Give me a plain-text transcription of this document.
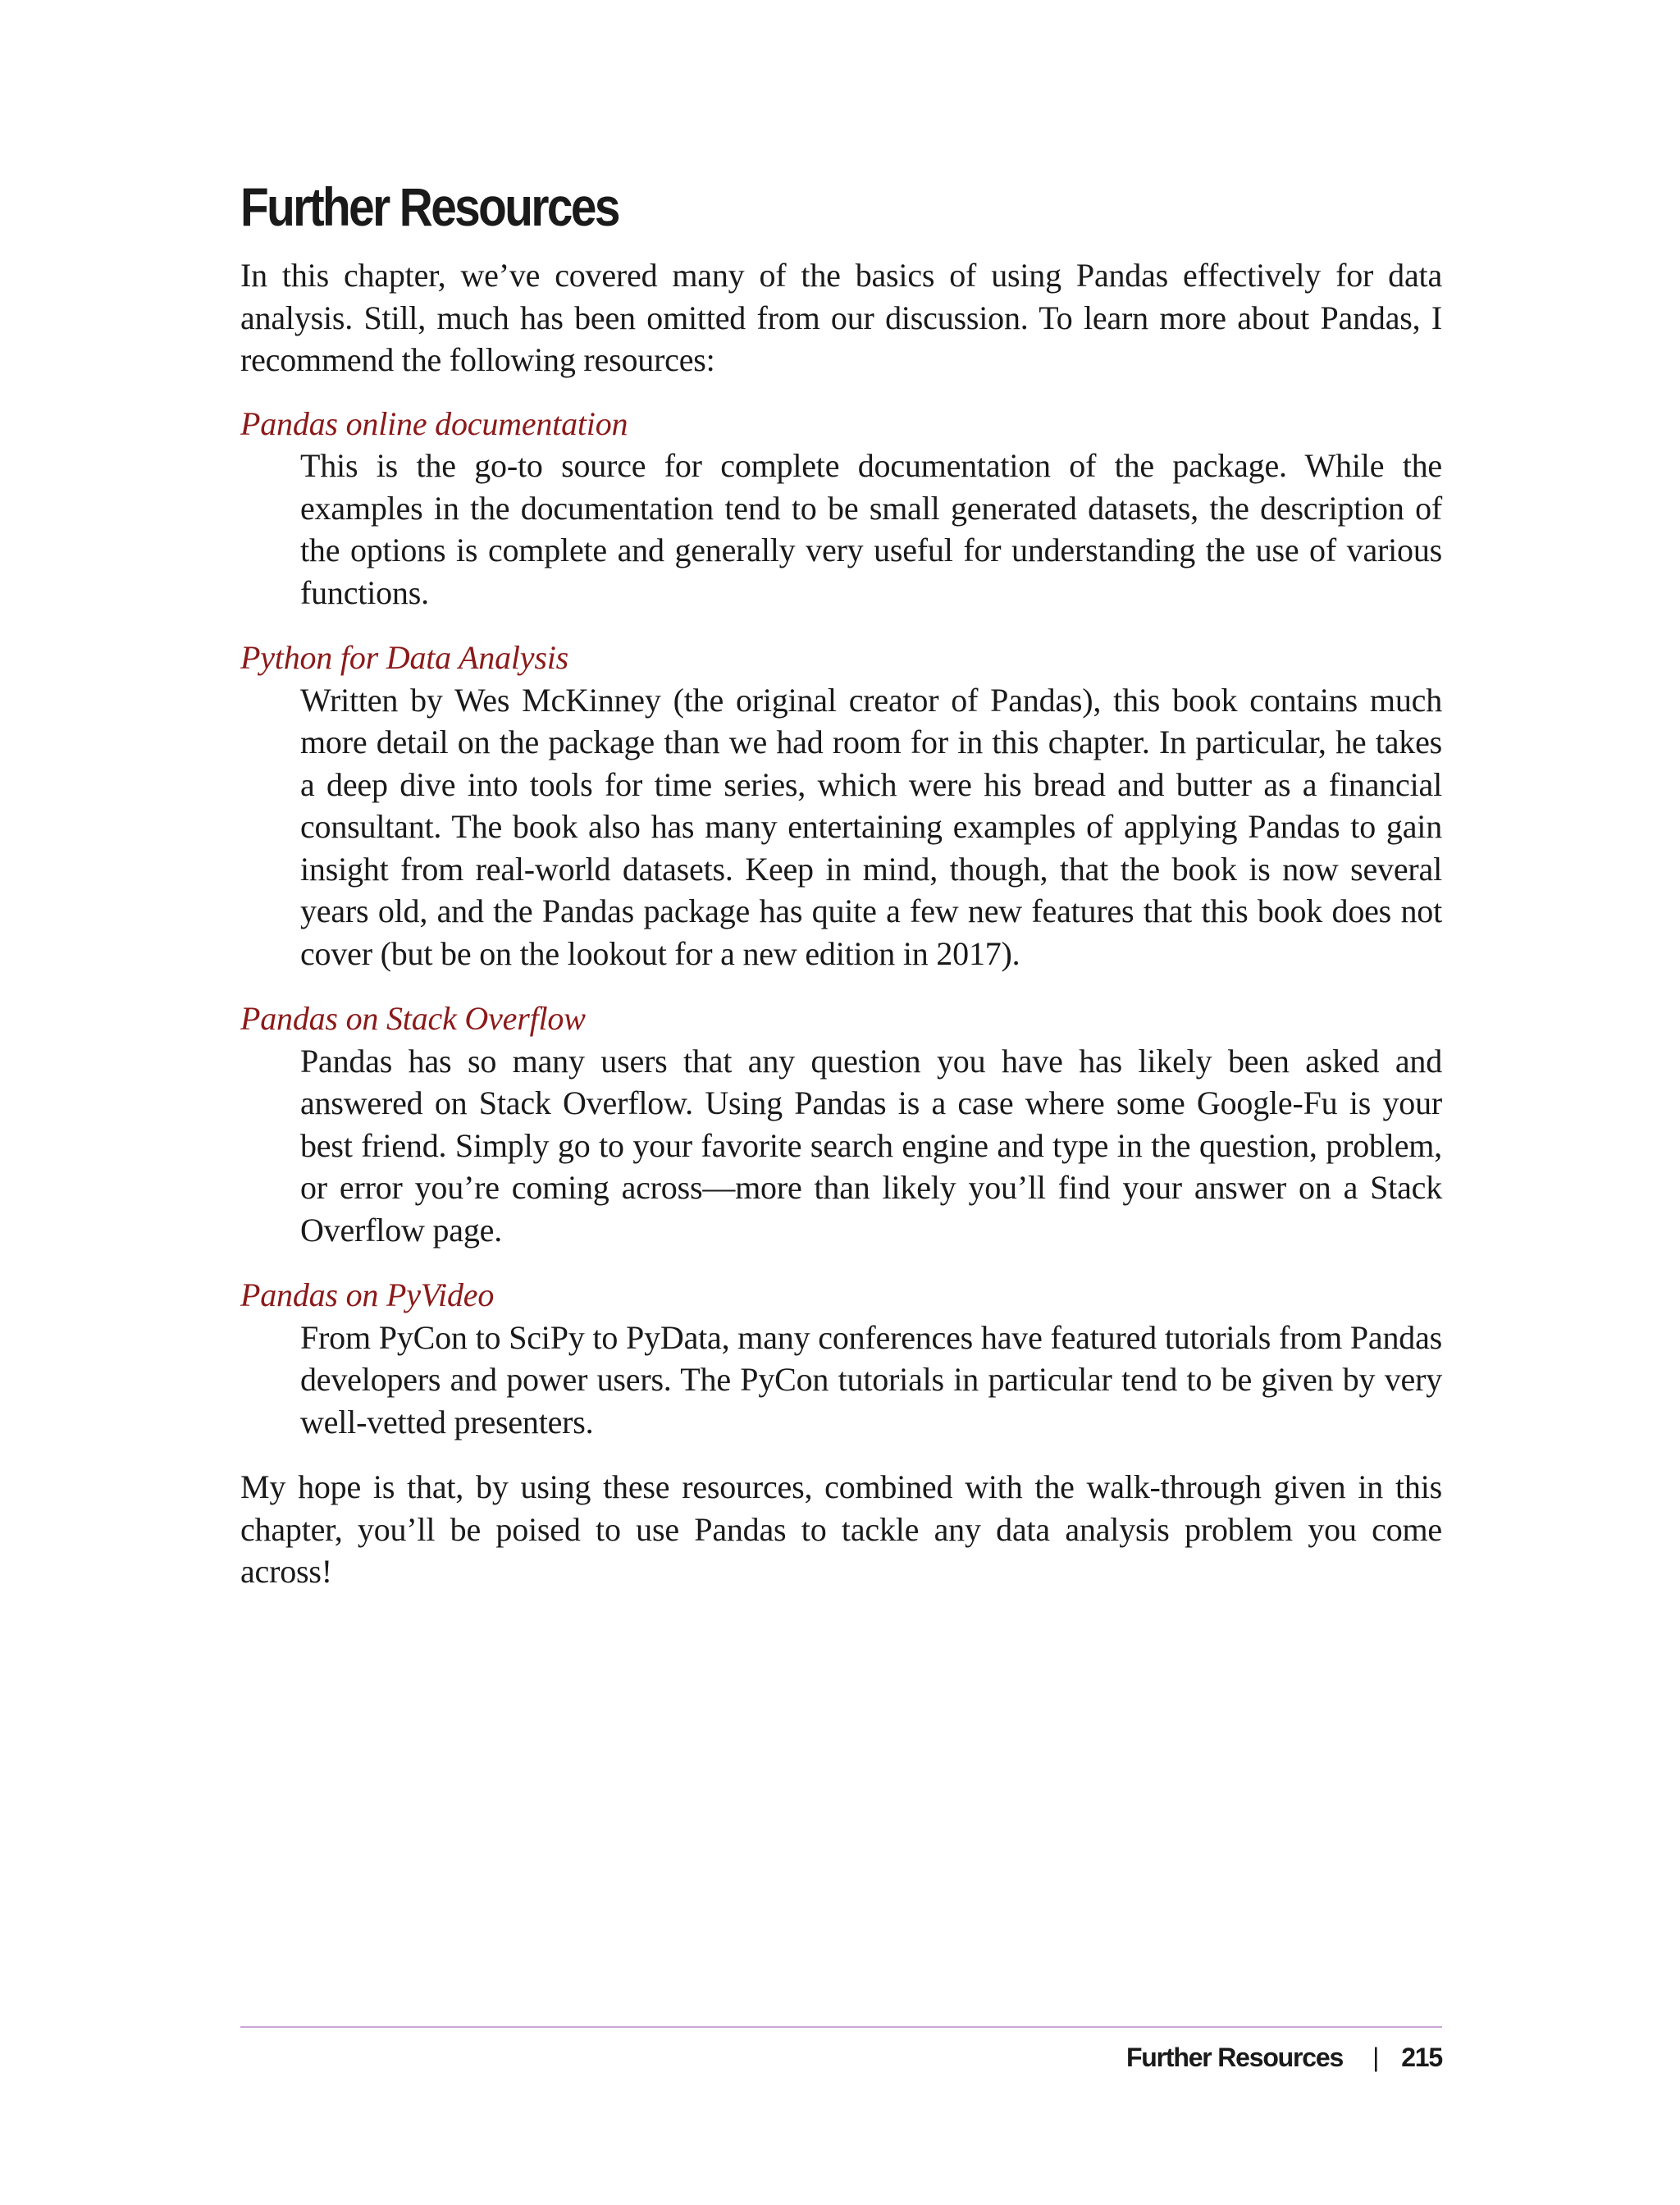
Further Resources

In this chapter, we’ve covered many of the basics of using Pandas effectively for data analysis. Still, much has been omitted from our discussion. To learn more about Pandas, I recommend the following resources:

Pandas online documentation

This is the go-to source for complete documentation of the package. While the examples in the documentation tend to be small generated datasets, the description of the options is complete and generally very useful for understanding the use of various functions.

Python for Data Analysis

Written by Wes McKinney (the original creator of Pandas), this book contains much more detail on the package than we had room for in this chapter. In particular, he takes a deep dive into tools for time series, which were his bread and butter as a financial consultant. The book also has many entertaining examples of applying Pandas to gain insight from real-world datasets. Keep in mind, though, that the book is now several years old, and the Pandas package has quite a few new features that this book does not cover (but be on the lookout for a new edition in 2017).

Pandas on Stack Overflow

Pandas has so many users that any question you have has likely been asked and answered on Stack Overflow. Using Pandas is a case where some Google-Fu is your best friend. Simply go to your favorite search engine and type in the question, problem, or error you’re coming across—more than likely you’ll find your answer on a Stack Overflow page.

Pandas on PyVideo

From PyCon to SciPy to PyData, many conferences have featured tutorials from Pandas developers and power users. The PyCon tutorials in particular tend to be given by very well-vetted presenters.

My hope is that, by using these resources, combined with the walk-through given in this chapter, you’ll be poised to use Pandas to tackle any data analysis problem you come across!

Further Resources | 215
